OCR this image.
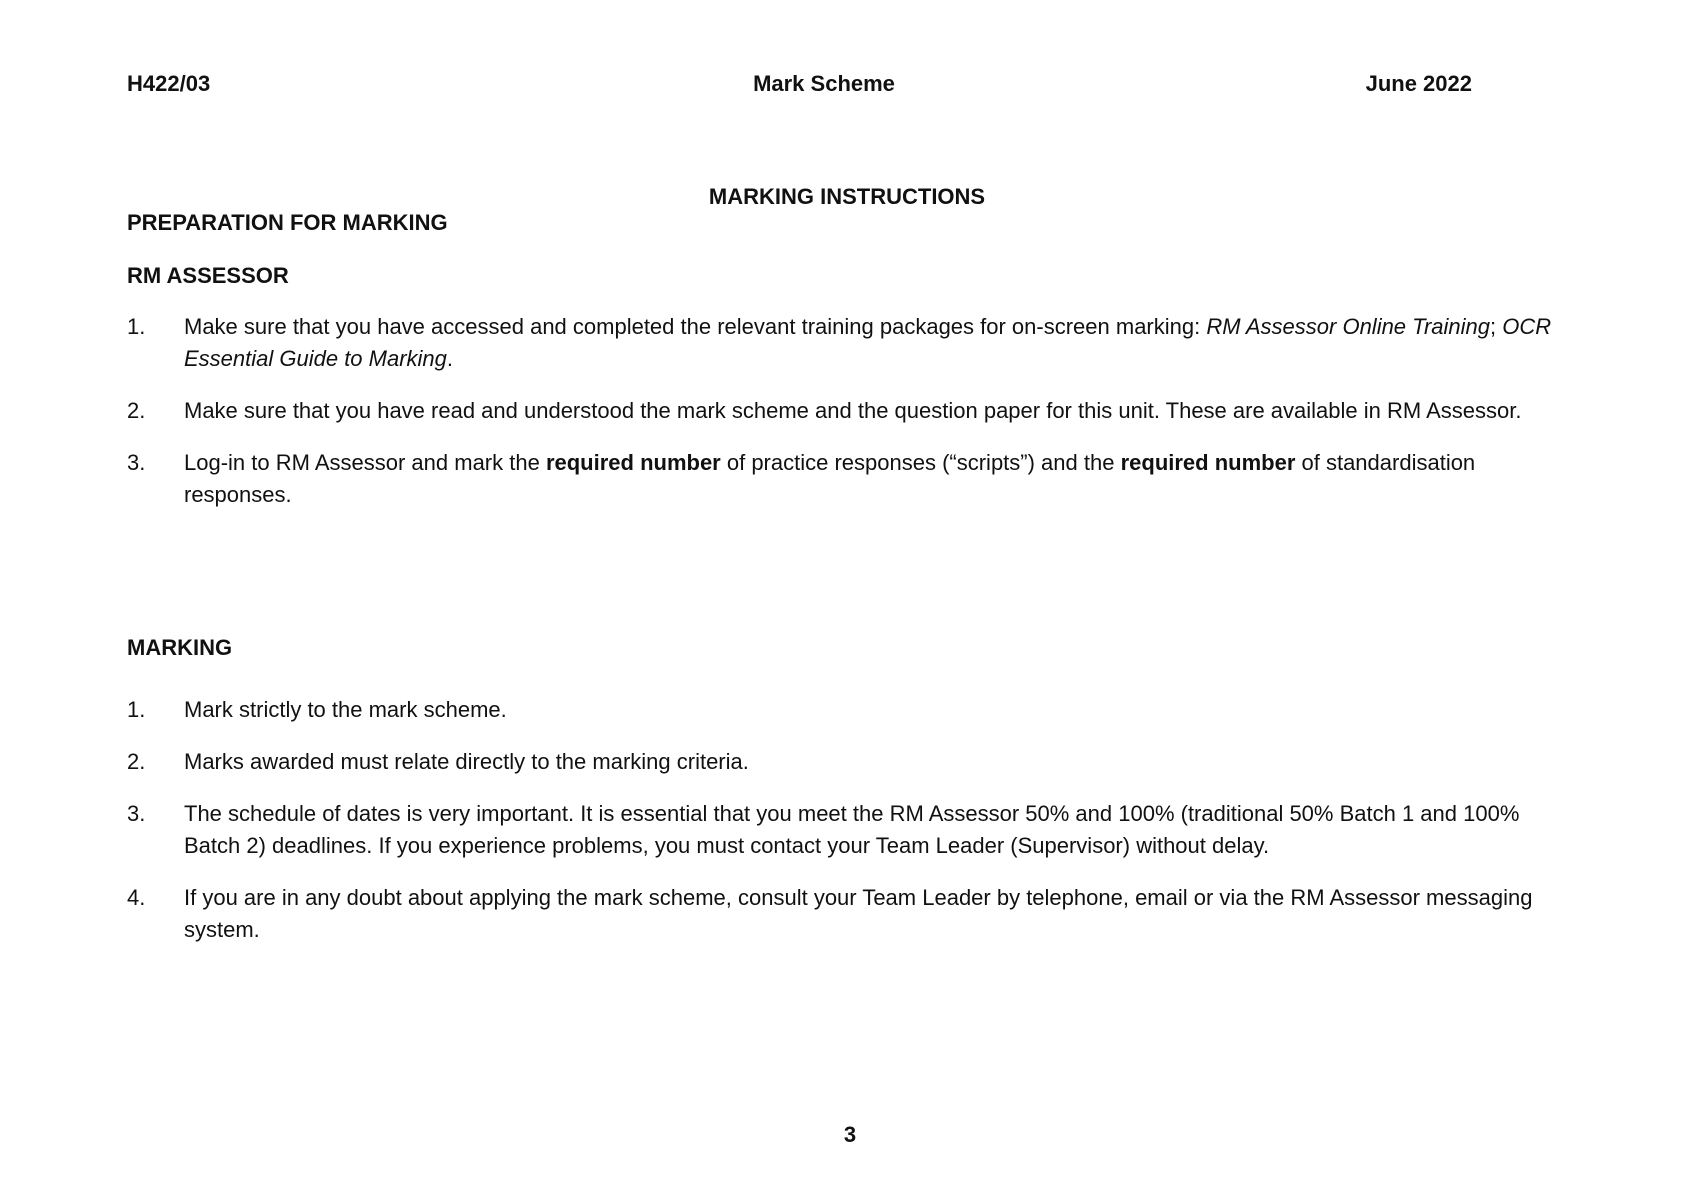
H422/03	Mark Scheme	June 2022
MARKING INSTRUCTIONS
PREPARATION FOR MARKING
RM ASSESSOR
1. Make sure that you have accessed and completed the relevant training packages for on-screen marking: RM Assessor Online Training; OCR Essential Guide to Marking.
2. Make sure that you have read and understood the mark scheme and the question paper for this unit. These are available in RM Assessor.
3. Log-in to RM Assessor and mark the required number of practice responses (“scripts”) and the required number of standardisation responses.
MARKING
1. Mark strictly to the mark scheme.
2. Marks awarded must relate directly to the marking criteria.
3. The schedule of dates is very important. It is essential that you meet the RM Assessor 50% and 100% (traditional 50% Batch 1 and 100% Batch 2) deadlines. If you experience problems, you must contact your Team Leader (Supervisor) without delay.
4. If you are in any doubt about applying the mark scheme, consult your Team Leader by telephone, email or via the RM Assessor messaging system.
3
